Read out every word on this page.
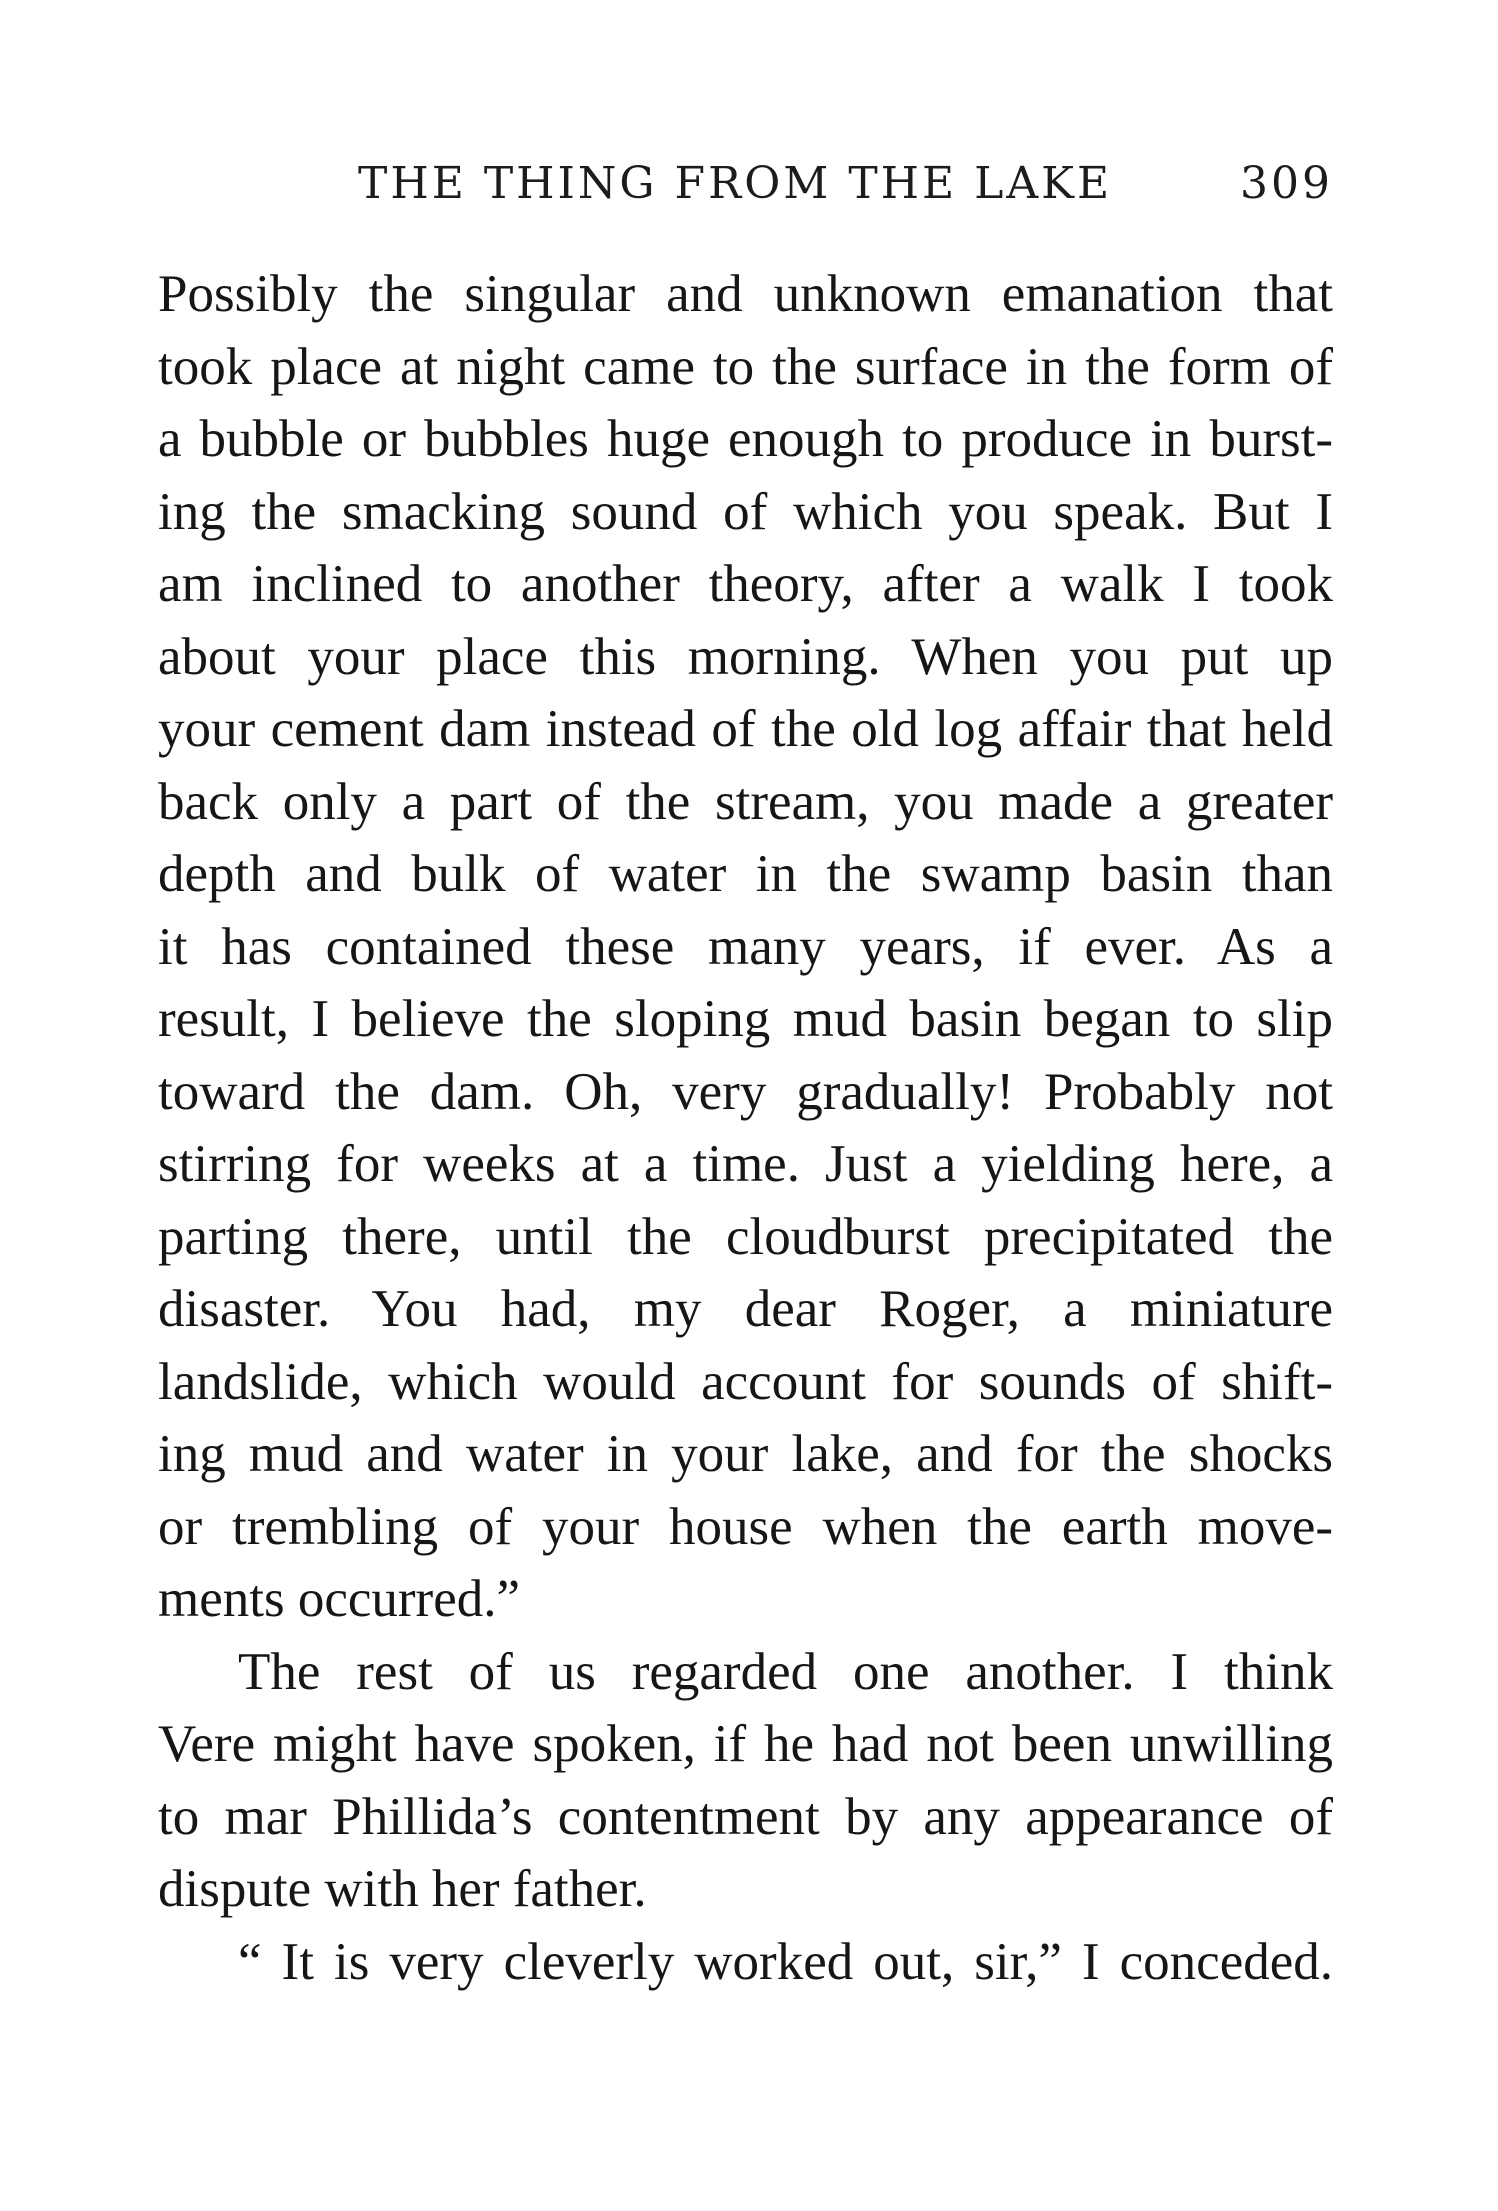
THE THING FROM THE LAKE	309
Possibly the singular and unknown emanation that
took place at night came to the surface in the form of
a bubble or bubbles huge enough to produce in burst-
ing the smacking sound of which you speak. But I
am inclined to another theory, after a walk I took
about your place this morning. When you put up
your cement dam instead of the old log affair that held
back only a part of the stream, you made a greater
depth and bulk of water in the swamp basin than
it has contained these many years, if ever. As a
result, I believe the sloping mud basin began to slip
toward the dam. Oh, very gradually! Probably not
stirring for weeks at a time. Just a yielding here, a
parting there, until the cloudburst precipitated the
disaster. You had, my dear Roger, a miniature
landslide, which would account for sounds of shift-
ing mud and water in your lake, and for the shocks
or trembling of your house when the earth move-
ments occurred.”
The rest of us regarded one another. I think
Vere might have spoken, if he had not been unwilling
to mar Phillida’s contentment by any appearance of
dispute with her father.
“ It is very cleverly worked out, sir,” I conceded.
